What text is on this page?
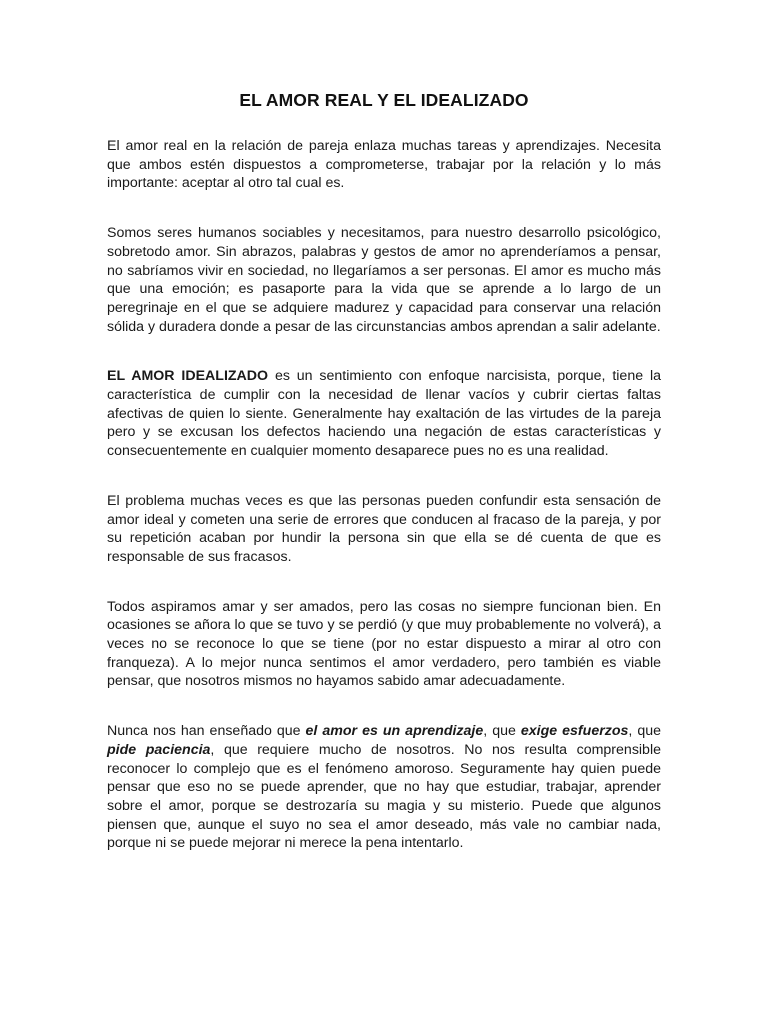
EL AMOR REAL Y EL IDEALIZADO

El amor real en la relación de pareja enlaza muchas tareas y aprendizajes. Necesita que ambos estén dispuestos a comprometerse, trabajar por la relación y lo más importante: aceptar al otro tal cual es.

Somos seres humanos sociables y necesitamos, para nuestro desarrollo psicológico, sobretodo amor. Sin abrazos, palabras y gestos de amor no aprenderíamos a pensar, no sabríamos vivir en sociedad, no llegaríamos a ser personas. El amor es mucho más que una emoción; es pasaporte para la vida que se aprende a lo largo de un peregrinaje en el que se adquiere madurez y capacidad para conservar una relación sólida y duradera donde a pesar de las circunstancias ambos aprendan a salir adelante.

EL AMOR IDEALIZADO es un sentimiento con enfoque narcisista, porque, tiene la característica de cumplir con la necesidad de llenar vacíos y cubrir ciertas faltas afectivas de quien lo siente. Generalmente hay exaltación de las virtudes de la pareja pero y se excusan los defectos haciendo una negación de estas características y consecuentemente en cualquier momento desaparece pues no es una realidad.

El problema muchas veces es que las personas pueden confundir esta sensación de amor ideal y cometen una serie de errores que conducen al fracaso de la pareja, y por su repetición acaban por hundir la persona sin que ella se dé cuenta de que es responsable de sus fracasos.

Todos aspiramos amar y ser amados, pero las cosas no siempre funcionan bien. En ocasiones se añora lo que se tuvo y se perdió (y que muy probablemente no volverá), a veces no se reconoce lo que se tiene (por no estar dispuesto a mirar al otro con franqueza). A lo mejor nunca sentimos el amor verdadero, pero también es viable pensar, que nosotros mismos no hayamos sabido amar adecuadamente.

Nunca nos han enseñado que el amor es un aprendizaje, que exige esfuerzos, que pide paciencia, que requiere mucho de nosotros. No nos resulta comprensible reconocer lo complejo que es el fenómeno amoroso. Seguramente hay quien puede pensar que eso no se puede aprender, que no hay que estudiar, trabajar, aprender sobre el amor, porque se destrozaría su magia y su misterio. Puede que algunos piensen que, aunque el suyo no sea el amor deseado, más vale no cambiar nada, porque ni se puede mejorar ni merece la pena intentarlo.
